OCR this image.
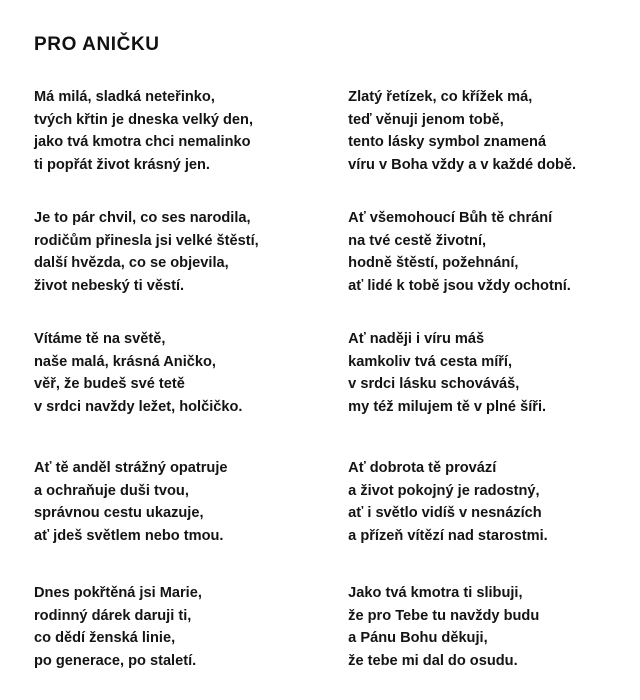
PRO ANIČKU
Má milá, sladká neteřinko,
tvých křtin je dneska velký den,
jako tvá kmotra chci nemalinko
ti popřát život krásný jen.
Je to pár chvil, co ses narodila,
rodičům přinesla jsi velké štěstí,
další hvězda, co se objevila,
život nebeský ti věstí.
Vítáme tě na světě,
naše malá, krásná Aničko,
věř, že budeš své tetě
v srdci navždy ležet, holčičko.
Ať tě anděl strážný opatruje
a ochraňuje duši tvou,
správnou cestu ukazuje,
ať jdeš světlem nebo tmou.
Dnes pokřtěná jsi Marie,
rodinný dárek daruji ti,
co dědí ženská linie,
po generace, po staletí.
Zlatý řetízek, co křížek má,
teď věnuji jenom tobě,
tento lásky symbol znamená
víru v Boha vždy a v každé době.
Ať všemohoucí Bůh tě chrání
na tvé cestě životní,
hodně štěstí, požehnání,
ať lidé k tobě jsou vždy ochotní.
Ať naději i víru máš
kamkoliv tvá cesta míří,
v srdci lásku schováváš,
my též milujem tě v plné šíři.
Ať dobrota tě provází
a život pokojný je radostný,
ať i světlo vidíš v nesnázích
a přízeň vítězí nad starostmi.
Jako tvá kmotra ti slibuji,
že pro Tebe tu navždy budu
a Pánu Bohu děkuji,
že tebe mi dal do osudu.
